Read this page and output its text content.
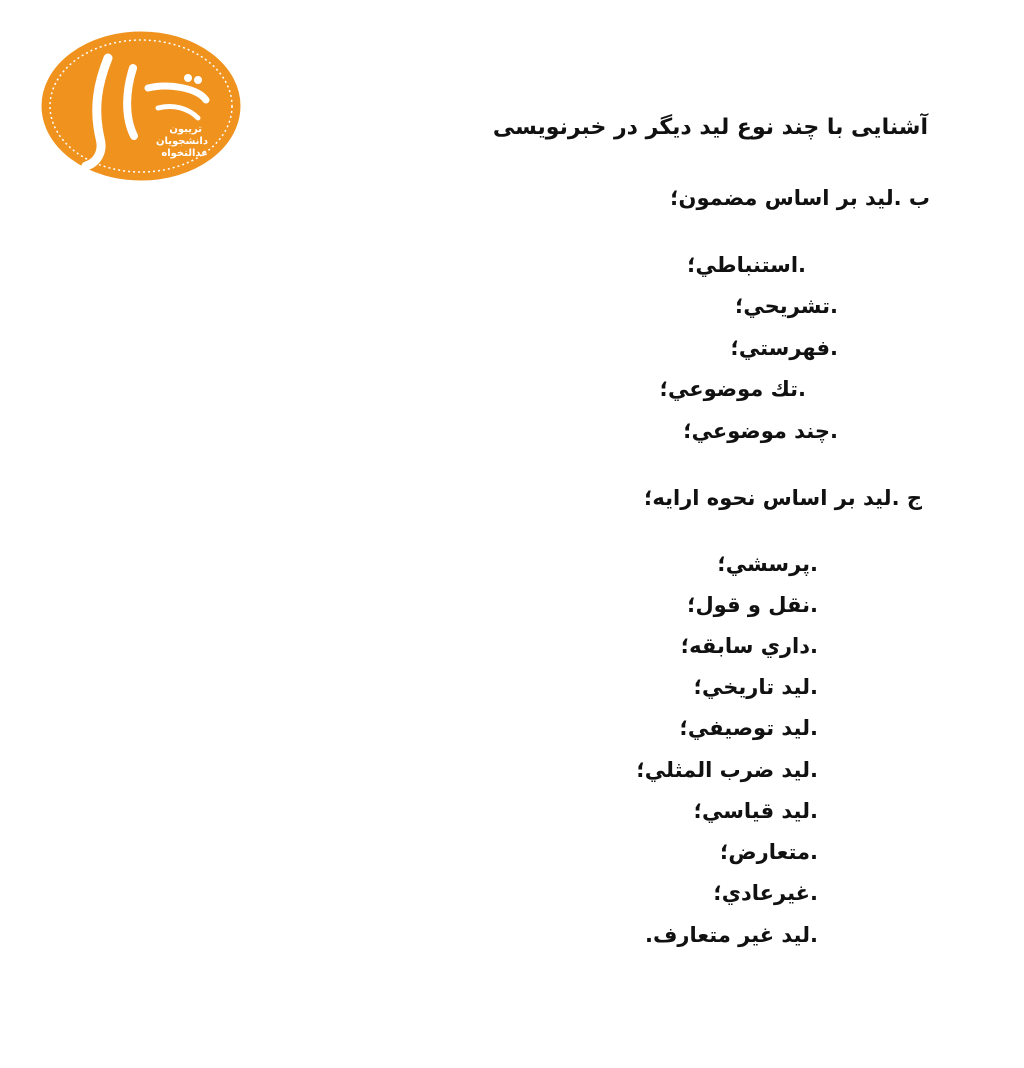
تریبون
دانشجویان
عدالتخواه
آشنایی با چند نوع لید دیگر در خبرنویسی
ب .لید بر اساس مضمون؛
.استنباطي؛
.تشريحي؛
.فهرستي؛
.تك موضوعي؛
.چند موضوعي؛
ج .لید بر اساس نحوه ارايه؛
.پرسشي؛
.نقل و قول؛
.داري سابقه؛
.ليد تاريخي؛
.ليد توصيفي؛
.ليد ضرب المثلي؛
.ليد قياسي؛
.متعارض؛
.غيرعادي؛
.ليد غير متعارف.
